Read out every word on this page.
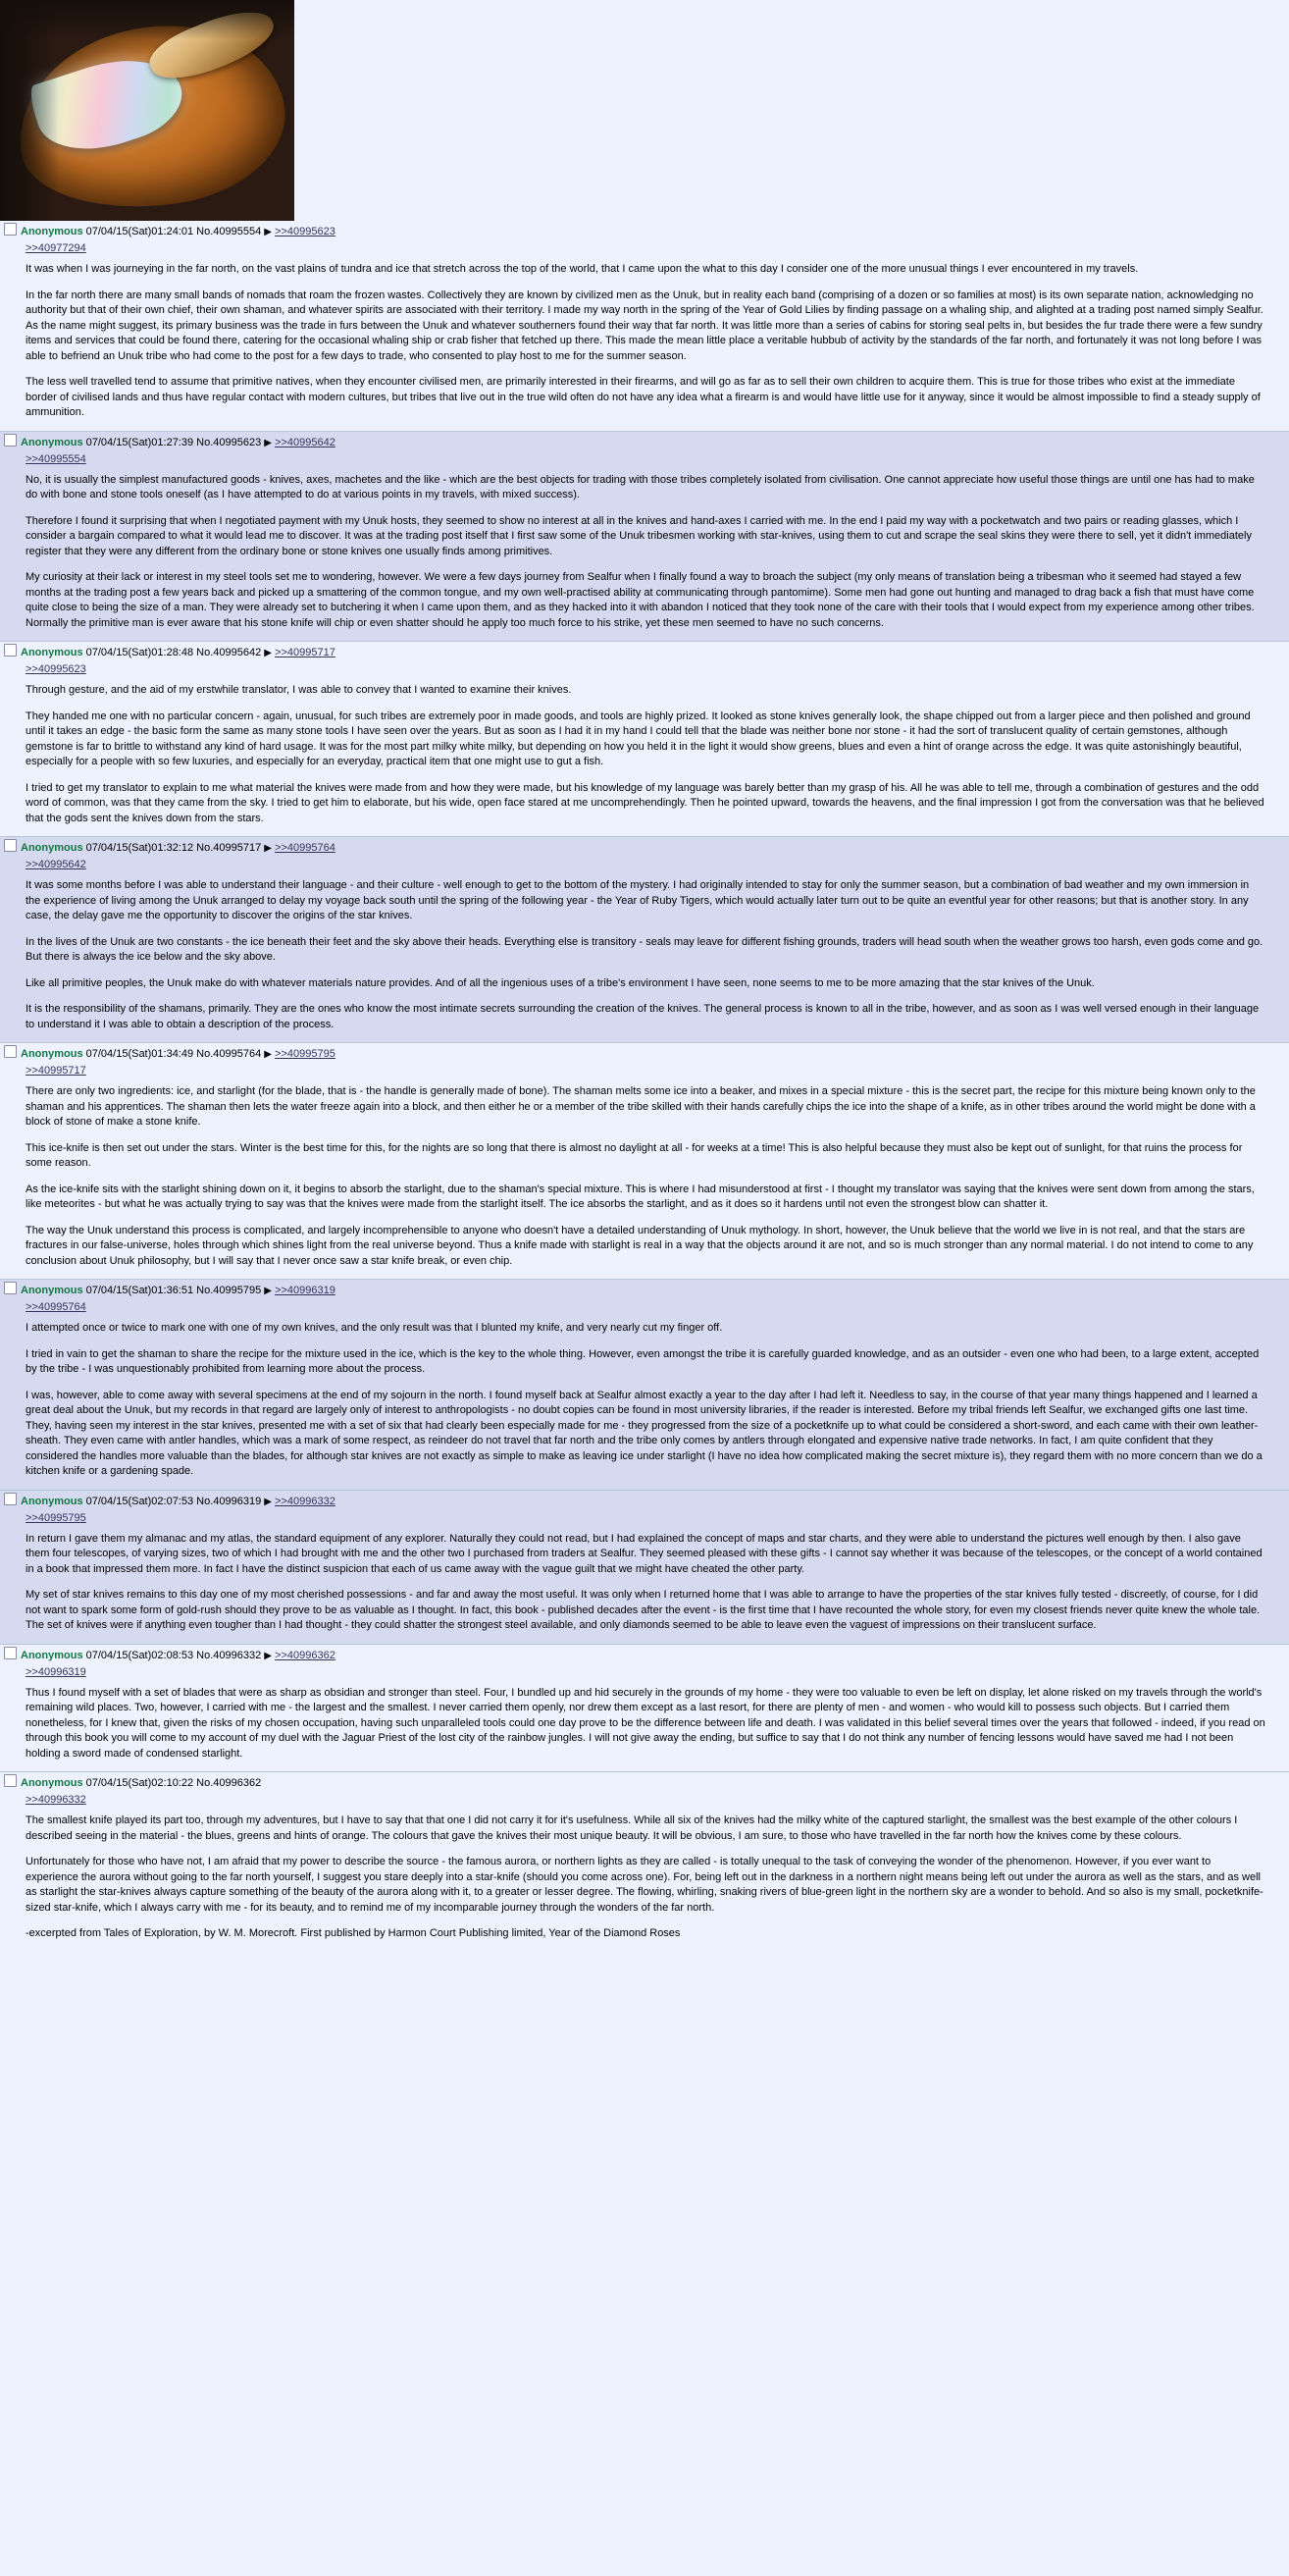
Anonymous 07/04/15(Sat)01:24:01 No.40995554 ▶ >>40995623
>>40977294

It was when I was journeying in the far north, on the vast plains of tundra and ice that stretch across the top of the world, that I came upon the what to this day I consider one of the more unusual things I ever encountered in my travels.

In the far north there are many small bands of nomads that roam the frozen wastes. Collectively they are known by civilized men as the Unuk, but in reality each band (comprising of a dozen or so families at most) is its own separate nation, acknowledging no authority but that of their own chief, their own shaman, and whatever spirits are associated with their territory. I made my way north in the spring of the Year of Gold Lilies by finding passage on a whaling ship, and alighted at a trading post named simply Sealfur. As the name might suggest, its primary business was the trade in furs between the Unuk and whatever southerners found their way that far north. It was little more than a series of cabins for storing seal pelts in, but besides the fur trade there were a few sundry items and services that could be found there, catering for the occasional whaling ship or crab fisher that fetched up there. This made the mean little place a veritable hubbub of activity by the standards of the far north, and fortunately it was not long before I was able to befriend an Unuk tribe who had come to the post for a few days to trade, who consented to play host to me for the summer season.

The less well travelled tend to assume that primitive natives, when they encounter civilised men, are primarily interested in their firearms, and will go as far as to sell their own children to acquire them. This is true for those tribes who exist at the immediate border of civilised lands and thus have regular contact with modern cultures, but tribes that live out in the true wild often do not have any idea what a firearm is and would have little use for it anyway, since it would be almost impossible to find a steady supply of ammunition.

Anonymous 07/04/15(Sat)01:27:39 No.40995623 ▶ >>40995642
>>40995554

No, it is usually the simplest manufactured goods - knives, axes, machetes and the like - which are the best objects for trading with those tribes completely isolated from civilisation. One cannot appreciate how useful those things are until one has had to make do with bone and stone tools oneself (as I have attempted to do at various points in my travels, with mixed success).

Therefore I found it surprising that when I negotiated payment with my Unuk hosts, they seemed to show no interest at all in the knives and hand-axes I carried with me. In the end I paid my way with a pocketwatch and two pairs or reading glasses, which I consider a bargain compared to what it would lead me to discover. It was at the trading post itself that I first saw some of the Unuk tribesmen working with star-knives, using them to cut and scrape the seal skins they were there to sell, yet it didn't immediately register that they were any different from the ordinary bone or stone knives one usually finds among primitives.

My curiosity at their lack or interest in my steel tools set me to wondering, however. We were a few days journey from Sealfur when I finally found a way to broach the subject (my only means of translation being a tribesman who it seemed had stayed a few months at the trading post a few years back and picked up a smattering of the common tongue, and my own well-practised ability at communicating through pantomime). Some men had gone out hunting and managed to drag back a fish that must have come quite close to being the size of a man. They were already set to butchering it when I came upon them, and as they hacked into it with abandon I noticed that they took none of the care with their tools that I would expect from my experience among other tribes. Normally the primitive man is ever aware that his stone knife will chip or even shatter should he apply too much force to his strike, yet these men seemed to have no such concerns.

Anonymous 07/04/15(Sat)01:28:48 No.40995642 ▶ >>40995717
>>40995623

Through gesture, and the aid of my erstwhile translator, I was able to convey that I wanted to examine their knives.

They handed me one with no particular concern - again, unusual, for such tribes are extremely poor in made goods, and tools are highly prized. It looked as stone knives generally look, the shape chipped out from a larger piece and then polished and ground until it takes an edge - the basic form the same as many stone tools I have seen over the years. But as soon as I had it in my hand I could tell that the blade was neither bone nor stone - it had the sort of translucent quality of certain gemstones, although gemstone is far to brittle to withstand any kind of hard usage. It was for the most part milky white milky, but depending on how you held it in the light it would show greens, blues and even a hint of orange across the edge. It was quite astonishingly beautiful, especially for a people with so few luxuries, and especially for an everyday, practical item that one might use to gut a fish.

I tried to get my translator to explain to me what material the knives were made from and how they were made, but his knowledge of my language was barely better than my grasp of his. All he was able to tell me, through a combination of gestures and the odd word of common, was that they came from the sky. I tried to get him to elaborate, but his wide, open face stared at me uncomprehendingly. Then he pointed upward, towards the heavens, and the final impression I got from the conversation was that he believed that the gods sent the knives down from the stars.

Anonymous 07/04/15(Sat)01:32:12 No.40995717 ▶ >>40995764
>>40995642

It was some months before I was able to understand their language - and their culture - well enough to get to the bottom of the mystery. I had originally intended to stay for only the summer season, but a combination of bad weather and my own immersion in the experience of living among the Unuk arranged to delay my voyage back south until the spring of the following year - the Year of Ruby Tigers, which would actually later turn out to be quite an eventful year for other reasons; but that is another story. In any case, the delay gave me the opportunity to discover the origins of the star knives.

In the lives of the Unuk are two constants - the ice beneath their feet and the sky above their heads. Everything else is transitory - seals may leave for different fishing grounds, traders will head south when the weather grows too harsh, even gods come and go. But there is always the ice below and the sky above.

Like all primitive peoples, the Unuk make do with whatever materials nature provides. And of all the ingenious uses of a tribe's environment I have seen, none seems to me to be more amazing that the star knives of the Unuk.

It is the responsibility of the shamans, primarily. They are the ones who know the most intimate secrets surrounding the creation of the knives. The general process is known to all in the tribe, however, and as soon as I was well versed enough in their language to understand it I was able to obtain a description of the process.

Anonymous 07/04/15(Sat)01:34:49 No.40995764 ▶ >>40995795
>>40995717

There are only two ingredients: ice, and starlight (for the blade, that is - the handle is generally made of bone). The shaman melts some ice into a beaker, and mixes in a special mixture - this is the secret part, the recipe for this mixture being known only to the shaman and his apprentices. The shaman then lets the water freeze again into a block, and then either he or a member of the tribe skilled with their hands carefully chips the ice into the shape of a knife, as in other tribes around the world might be done with a block of stone of make a stone knife.

This ice-knife is then set out under the stars. Winter is the best time for this, for the nights are so long that there is almost no daylight at all - for weeks at a time! This is also helpful because they must also be kept out of sunlight, for that ruins the process for some reason.

As the ice-knife sits with the starlight shining down on it, it begins to absorb the starlight, due to the shaman's special mixture. This is where I had misunderstood at first - I thought my translator was saying that the knives were sent down from among the stars, like meteorites - but what he was actually trying to say was that the knives were made from the starlight itself. The ice absorbs the starlight, and as it does so it hardens until not even the strongest blow can shatter it.

The way the Unuk understand this process is complicated, and largely incomprehensible to anyone who doesn't have a detailed understanding of Unuk mythology. In short, however, the Unuk believe that the world we live in is not real, and that the stars are fractures in our false-universe, holes through which shines light from the real universe beyond. Thus a knife made with starlight is real in a way that the objects around it are not, and so is much stronger than any normal material. I do not intend to come to any conclusion about Unuk philosophy, but I will say that I never once saw a star knife break, or even chip.

Anonymous 07/04/15(Sat)01:36:51 No.40995795 ▶ >>40996319
>>40995764

I attempted once or twice to mark one with one of my own knives, and the only result was that I blunted my knife, and very nearly cut my finger off.

I tried in vain to get the shaman to share the recipe for the mixture used in the ice, which is the key to the whole thing. However, even amongst the tribe it is carefully guarded knowledge, and as an outsider - even one who had been, to a large extent, accepted by the tribe - I was unquestionably prohibited from learning more about the process.

I was, however, able to come away with several specimens at the end of my sojourn in the north. I found myself back at Sealfur almost exactly a year to the day after I had left it. Needless to say, in the course of that year many things happened and I learned a great deal about the Unuk, but my records in that regard are largely only of interest to anthropologists - no doubt copies can be found in most university libraries, if the reader is interested. Before my tribal friends left Sealfur, we exchanged gifts one last time. They, having seen my interest in the star knives, presented me with a set of six that had clearly been especially made for me - they progressed from the size of a pocketknife up to what could be considered a short-sword, and each came with their own leather-sheath. They even came with antler handles, which was a mark of some respect, as reindeer do not travel that far north and the tribe only comes by antlers through elongated and expensive native trade networks. In fact, I am quite confident that they considered the handles more valuable than the blades, for although star knives are not exactly as simple to make as leaving ice under starlight (I have no idea how complicated making the secret mixture is), they regard them with no more concern than we do a kitchen knife or a gardening spade.

Anonymous 07/04/15(Sat)02:07:53 No.40996319 ▶ >>40996332
>>40995795

In return I gave them my almanac and my atlas, the standard equipment of any explorer. Naturally they could not read, but I had explained the concept of maps and star charts, and they were able to understand the pictures well enough by then. I also gave them four telescopes, of varying sizes, two of which I had brought with me and the other two I purchased from traders at Sealfur. They seemed pleased with these gifts - I cannot say whether it was because of the telescopes, or the concept of a world contained in a book that impressed them more. In fact I have the distinct suspicion that each of us came away with the vague guilt that we might have cheated the other party.

My set of star knives remains to this day one of my most cherished possessions - and far and away the most useful. It was only when I returned home that I was able to arrange to have the properties of the star knives fully tested - discreetly, of course, for I did not want to spark some form of gold-rush should they prove to be as valuable as I thought. In fact, this book - published decades after the event - is the first time that I have recounted the whole story, for even my closest friends never quite knew the whole tale. The set of knives were if anything even tougher than I had thought - they could shatter the strongest steel available, and only diamonds seemed to be able to leave even the vaguest of impressions on their translucent surface.

Anonymous 07/04/15(Sat)02:08:53 No.40996332 ▶ >>40996362
>>40996319

Thus I found myself with a set of blades that were as sharp as obsidian and stronger than steel. Four, I bundled up and hid securely in the grounds of my home - they were too valuable to even be left on display, let alone risked on my travels through the world's remaining wild places. Two, however, I carried with me - the largest and the smallest. I never carried them openly, nor drew them except as a last resort, for there are plenty of men - and women - who would kill to possess such objects. But I carried them nonetheless, for I knew that, given the risks of my chosen occupation, having such unparalleled tools could one day prove to be the difference between life and death. I was validated in this belief several times over the years that followed - indeed, if you read on through this book you will come to my account of my duel with the Jaguar Priest of the lost city of the rainbow jungles. I will not give away the ending, but suffice to say that I do not think any number of fencing lessons would have saved me had I not been holding a sword made of condensed starlight.

Anonymous 07/04/15(Sat)02:10:22 No.40996362
>>40996332

The smallest knife played its part too, through my adventures, but I have to say that that one I did not carry it for it's usefulness. While all six of the knives had the milky white of the captured starlight, the smallest was the best example of the other colours I described seeing in the material - the blues, greens and hints of orange. The colours that gave the knives their most unique beauty. It will be obvious, I am sure, to those who have travelled in the far north how the knives come by these colours.

Unfortunately for those who have not, I am afraid that my power to describe the source - the famous aurora, or northern lights as they are called - is totally unequal to the task of conveying the wonder of the phenomenon. However, if you ever want to experience the aurora without going to the far north yourself, I suggest you stare deeply into a star-knife (should you come across one). For, being left out in the darkness in a northern night means being left out under the aurora as well as the stars, and as well as starlight the star-knives always capture something of the beauty of the aurora along with it, to a greater or lesser degree. The flowing, whirling, snaking rivers of blue-green light in the northern sky are a wonder to behold. And so also is my small, pocketknife-sized star-knife, which I always carry with me - for its beauty, and to remind me of my incomparable journey through the wonders of the far north.

-excerpted from Tales of Exploration, by W. M. Morecroft. First published by Harmon Court Publishing limited, Year of the Diamond Roses
